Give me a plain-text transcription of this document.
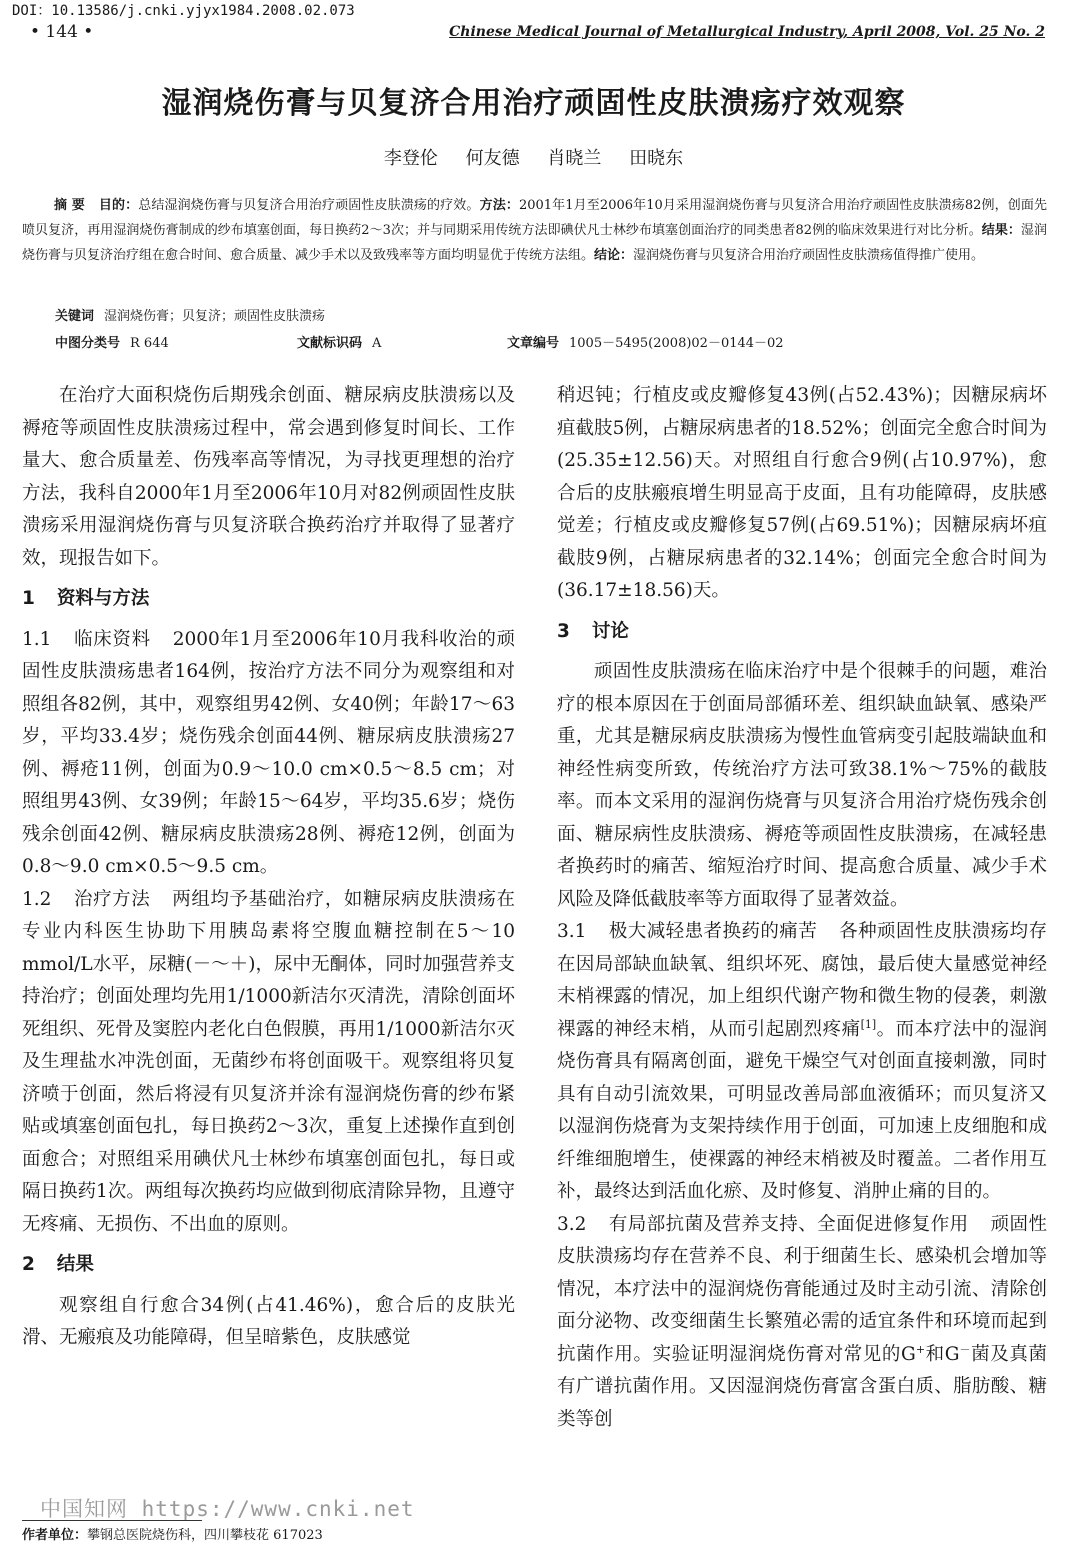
DOI：10.13586/j.cnki.yjyx1984.2008.02.073
• 144 •	Chinese Medical Journal of Metallurgical Industry, April 2008, Vol. 25 No. 2
湿润烧伤膏与贝复济合用治疗顽固性皮肤溃疡疗效观察
李登伦 何友德 肖晓兰 田晓东
摘 要 目的：总结湿润烧伤膏与贝复济合用治疗顽固性皮肤溃疡的疗效。方法：2001年1月至2006年10月采用湿润烧伤膏与贝复济合用治疗顽固性皮肤溃疡82例，创面先喷贝复济，再用湿润烧伤膏制成的纱布填塞创面，每日换药2～3次；并与同期采用传统方法即碘伏凡士林纱布填塞创面治疗的同类患者82例的临床效果进行对比分析。结果：湿润烧伤膏与贝复济治疗组在愈合时间、愈合质量、减少手术以及致残率等方面均明显优于传统方法组。结论：湿润烧伤膏与贝复济合用治疗顽固性皮肤溃疡值得推广使用。
关键词 湿润烧伤膏；贝复济；顽固性皮肤溃疡
中图分类号 R 644	文献标识码 A	文章编号 1005－5495(2008)02－0144－02

在治疗大面积烧伤后期残余创面、糖尿病皮肤溃疡以及褥疮等顽固性皮肤溃疡过程中，常会遇到修复时间长、工作量大、愈合质量差、伤残率高等情况，为寻找更理想的治疗方法，我科自2000年1月至2006年10月对82例顽固性皮肤溃疡采用湿润烧伤膏与贝复济联合换药治疗并取得了显著疗效，现报告如下。

1 资料与方法

1.1 临床资料 2000年1月至2006年10月我科收治的顽固性皮肤溃疡患者164例，按治疗方法不同分为观察组和对照组各82例，其中，观察组男42例、女40例；年龄17～63岁，平均33.4岁；烧伤残余创面44例、糖尿病皮肤溃疡27例、褥疮11例，创面为0.9～10.0 cm×0.5～8.5 cm；对照组男43例、女39例；年龄15～64岁，平均35.6岁；烧伤残余创面42例、糖尿病皮肤溃疡28例、褥疮12例，创面为0.8～9.0 cm×0.5～9.5 cm。

1.2 治疗方法 两组均予基础治疗，如糖尿病皮肤溃疡在专业内科医生协助下用胰岛素将空腹血糖控制在5～10 mmol/L水平，尿糖(－～＋)，尿中无酮体，同时加强营养支持治疗；创面处理均先用1/1000新洁尔灭清洗，清除创面坏死组织、死骨及窦腔内老化白色假膜，再用1/1000新洁尔灭及生理盐水冲洗创面，无菌纱布将创面吸干。观察组将贝复济喷于创面，然后将浸有贝复济并涂有湿润烧伤膏的纱布紧贴或填塞创面包扎，每日换药2～3次，重复上述操作直到创面愈合；对照组采用碘伏凡士林纱布填塞创面包扎，每日或隔日换药1次。两组每次换药均应做到彻底清除异物，且遵守无疼痛、无损伤、不出血的原则。

2 结果

观察组自行愈合34例(占41.46%)，愈合后的皮肤光滑、无瘢痕及功能障碍，但呈暗紫色，皮肤感觉

稍迟钝；行植皮或皮瓣修复43例(占52.43%)；因糖尿病坏疽截肢5例，占糖尿病患者的18.52%；创面完全愈合时间为(25.35±12.56)天。对照组自行愈合9例(占10.97%)，愈合后的皮肤瘢痕增生明显高于皮面，且有功能障碍，皮肤感觉差；行植皮或皮瓣修复57例(占69.51%)；因糖尿病坏疽截肢9例，占糖尿病患者的32.14%；创面完全愈合时间为(36.17±18.56)天。

3 讨论

顽固性皮肤溃疡在临床治疗中是个很棘手的问题，难治疗的根本原因在于创面局部循环差、组织缺血缺氧、感染严重，尤其是糖尿病皮肤溃疡为慢性血管病变引起肢端缺血和神经性病变所致，传统治疗方法可致38.1%～75%的截肢率。而本文采用的湿润伤烧膏与贝复济合用治疗烧伤残余创面、糖尿病性皮肤溃疡、褥疮等顽固性皮肤溃疡，在减轻患者换药时的痛苦、缩短治疗时间、提高愈合质量、减少手术风险及降低截肢率等方面取得了显著效益。

3.1 极大减轻患者换药的痛苦 各种顽固性皮肤溃疡均存在因局部缺血缺氧、组织坏死、腐蚀，最后使大量感觉神经末梢裸露的情况，加上组织代谢产物和微生物的侵袭，刺激裸露的神经末梢，从而引起剧烈疼痛[1]。而本疗法中的湿润烧伤膏具有隔离创面，避免干燥空气对创面直接刺激，同时具有自动引流效果，可明显改善局部血液循环；而贝复济又以湿润伤烧膏为支架持续作用于创面，可加速上皮细胞和成纤维细胞增生，使裸露的神经末梢被及时覆盖。二者作用互补，最终达到活血化瘀、及时修复、消肿止痛的目的。

3.2 有局部抗菌及营养支持、全面促进修复作用 顽固性皮肤溃疡均存在营养不良、利于细菌生长、感染机会增加等情况，本疗法中的湿润烧伤膏能通过及时主动引流、清除创面分泌物、改变细菌生长繁殖必需的适宜条件和环境而起到抗菌作用。实验证明湿润烧伤膏对常见的G+和G－菌及真菌有广谱抗菌作用。又因湿润烧伤膏富含蛋白质、脂肪酸、糖类等创

中国知网 https://www.cnki.net
作者单位：攀钢总医院烧伤科，四川攀枝花 617023
